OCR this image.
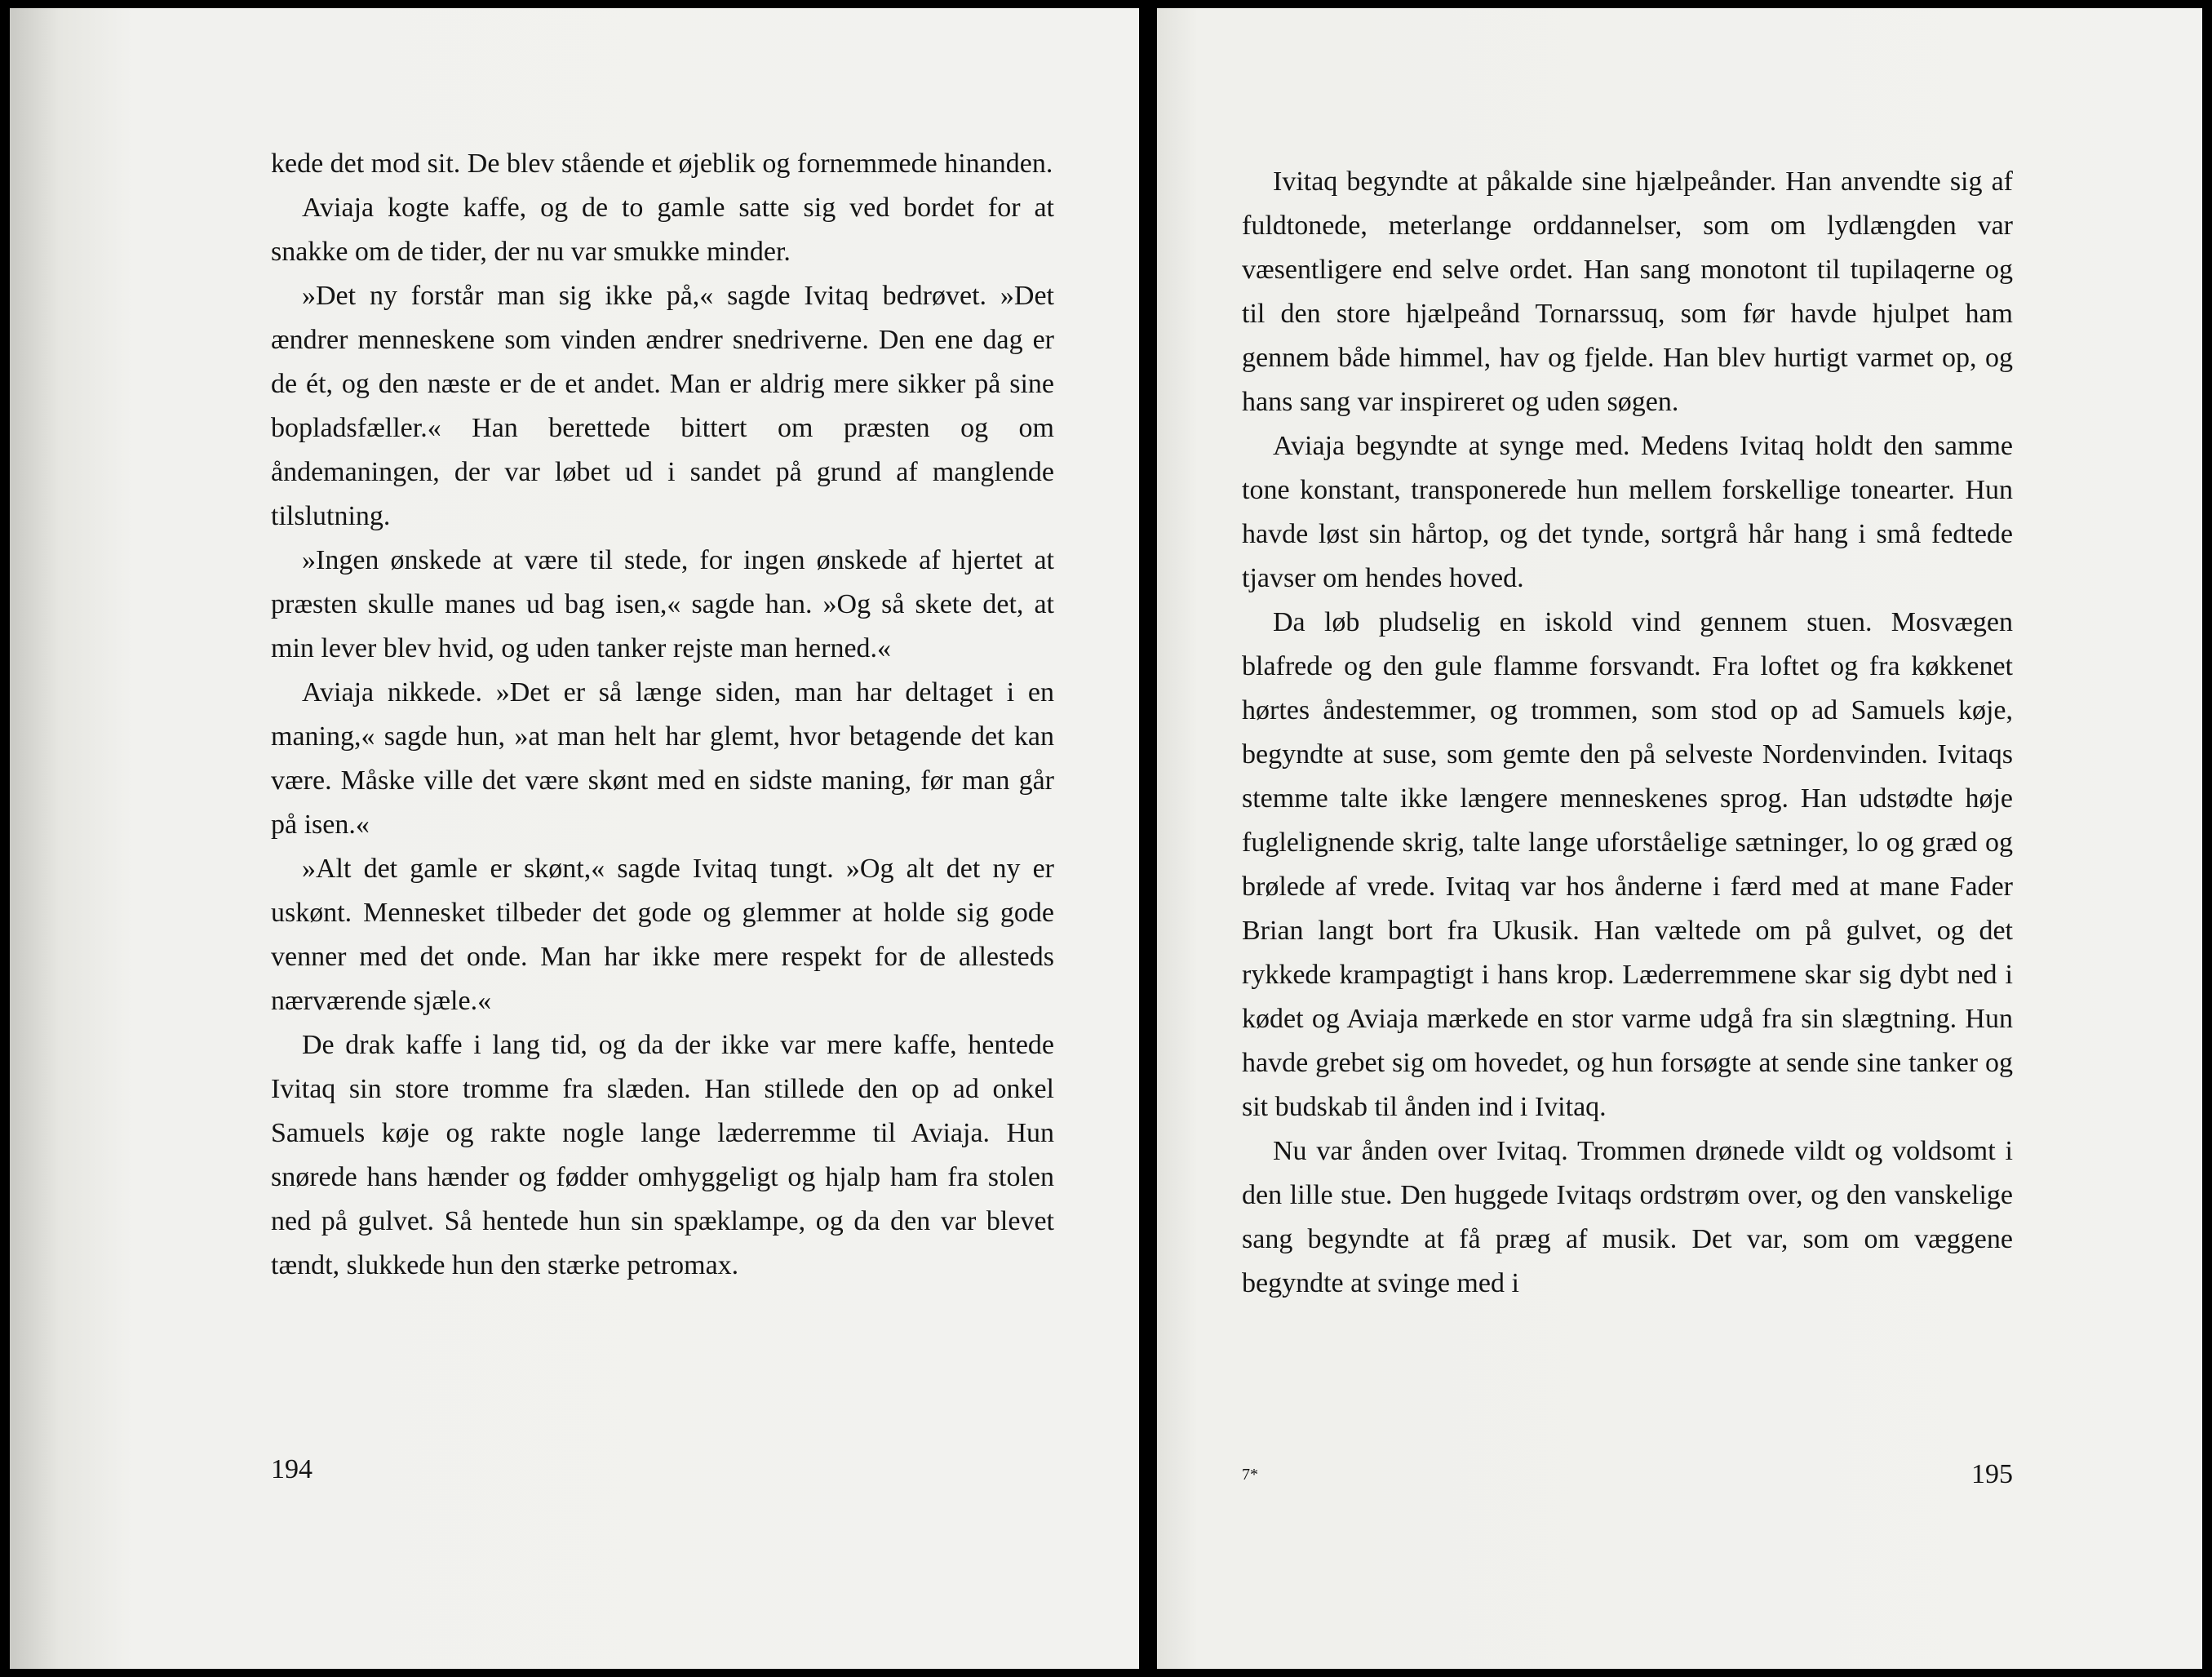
kede det mod sit. De blev stående et øjeblik og fornemmede hinanden.

Aviaja kogte kaffe, og de to gamle satte sig ved bordet for at snakke om de tider, der nu var smukke minder.

»Det ny forstår man sig ikke på,« sagde Ivitaq bedrøvet. »Det ændrer menneskene som vinden ændrer snedriverne. Den ene dag er de ét, og den næste er de et andet. Man er aldrig mere sikker på sine bopladsfæller.« Han berettede bittert om præsten og om åndemaningen, der var løbet ud i sandet på grund af manglende tilslutning.

»Ingen ønskede at være til stede, for ingen ønskede af hjertet at præsten skulle manes ud bag isen,« sagde han. »Og så skete det, at min lever blev hvid, og uden tanker rejste man herned.«

Aviaja nikkede. »Det er så længe siden, man har deltaget i en maning,« sagde hun, »at man helt har glemt, hvor betagende det kan være. Måske ville det være skønt med en sidste maning, før man går på isen.«

»Alt det gamle er skønt,« sagde Ivitaq tungt. »Og alt det ny er uskønt. Mennesket tilbeder det gode og glemmer at holde sig gode venner med det onde. Man har ikke mere respekt for de allesteds nærværende sjæle.«

De drak kaffe i lang tid, og da der ikke var mere kaffe, hentede Ivitaq sin store tromme fra slæden. Han stillede den op ad onkel Samuels køje og rakte nogle lange læderremme til Aviaja. Hun snørede hans hænder og fødder omhyggeligt og hjalp ham fra stolen ned på gulvet. Så hentede hun sin spæklampe, og da den var blevet tændt, slukkede hun den stærke petromax.

194

Ivitaq begyndte at påkalde sine hjælpeånder. Han anvendte sig af fuldtonede, meterlange orddannelser, som om lydlængden var væsentligere end selve ordet. Han sang monotont til tupilaqerne og til den store hjælpeånd Tornarssuq, som før havde hjulpet ham gennem både himmel, hav og fjelde. Han blev hurtigt varmet op, og hans sang var inspireret og uden søgen.

Aviaja begyndte at synge med. Medens Ivitaq holdt den samme tone konstant, transponerede hun mellem forskellige tonearter. Hun havde løst sin hårtop, og det tynde, sortgrå hår hang i små fedtede tjavser om hendes hoved.

Da løb pludselig en iskold vind gennem stuen. Mosvægen blafrede og den gule flamme forsvandt. Fra loftet og fra køkkenet hørtes åndestemmer, og trommen, som stod op ad Samuels køje, begyndte at suse, som gemte den på selveste Nordenvinden. Ivitaqs stemme talte ikke længere menneskenes sprog. Han udstødte høje fuglelignende skrig, talte lange uforståelige sætninger, lo og græd og brølede af vrede. Ivitaq var hos ånderne i færd med at mane Fader Brian langt bort fra Ukusik. Han væltede om på gulvet, og det rykkede krampagtigt i hans krop. Læderremmene skar sig dybt ned i kødet og Aviaja mærkede en stor varme udgå fra sin slægtning. Hun havde grebet sig om hovedet, og hun forsøgte at sende sine tanker og sit budskab til ånden ind i Ivitaq.

Nu var ånden over Ivitaq. Trommen drønede vildt og voldsomt i den lille stue. Den huggede Ivitaqs ordstrøm over, og den vanskelige sang begyndte at få præg af musik. Det var, som om væggene begyndte at svinge med i

7*	195
